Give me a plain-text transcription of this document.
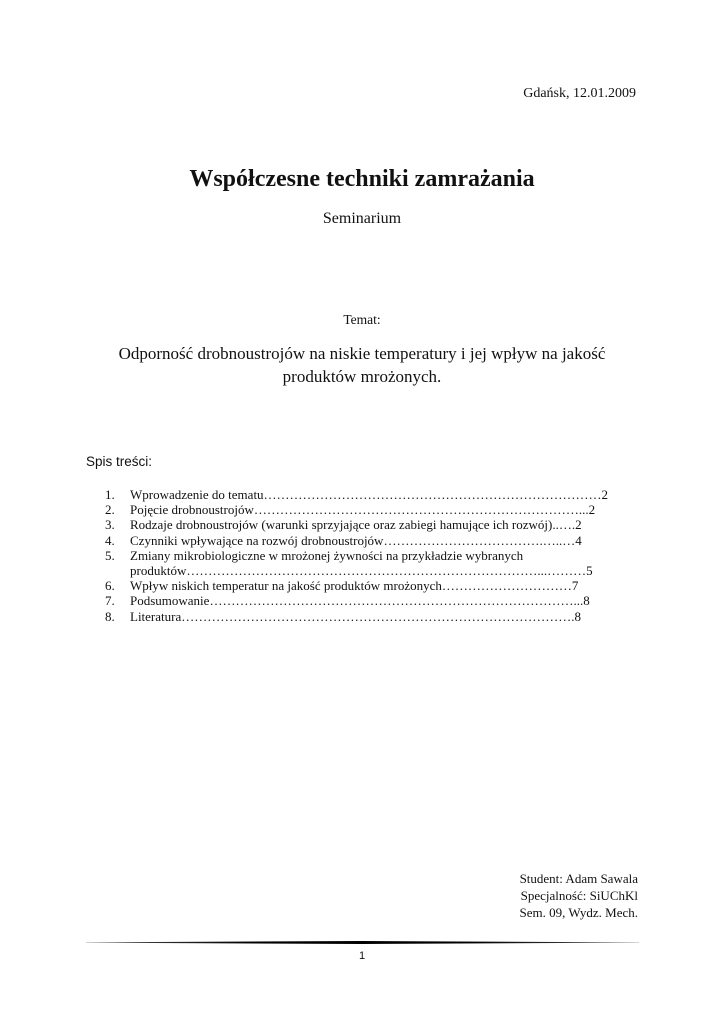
Gdańsk, 12.01.2009
Współczesne techniki zamrażania
Seminarium
Temat:
Odporność drobnoustrojów na niskie temperatury i jej wpływ na jakość
produktów mrożonych.
Spis treści:
1.	Wprowadzenie do tematu……………………………………………………………………2
2.	Pojęcie drobnoustrojów…………………………………………………………………...2
3.	Rodzaje drobnoustrojów (warunki sprzyjające oraz zabiegi hamujące ich rozwój)..….2
4.	Czynniki wpływające na rozwój drobnoustrojów……………………………….…..…4
5.	Zmiany mikrobiologiczne w mrożonej żywności na przykładzie wybranych
produktów………………………………………………………………………...………5
6.	Wpływ niskich temperatur na jakość produktów mrożonych…………………………7
7.	Podsumowanie…………………………………………………………………………...8
8.	Literatura……………………………………………………………………………….8
Student: Adam Sawala
Specjalność: SiUChKl
Sem. 09, Wydz. Mech.
1
